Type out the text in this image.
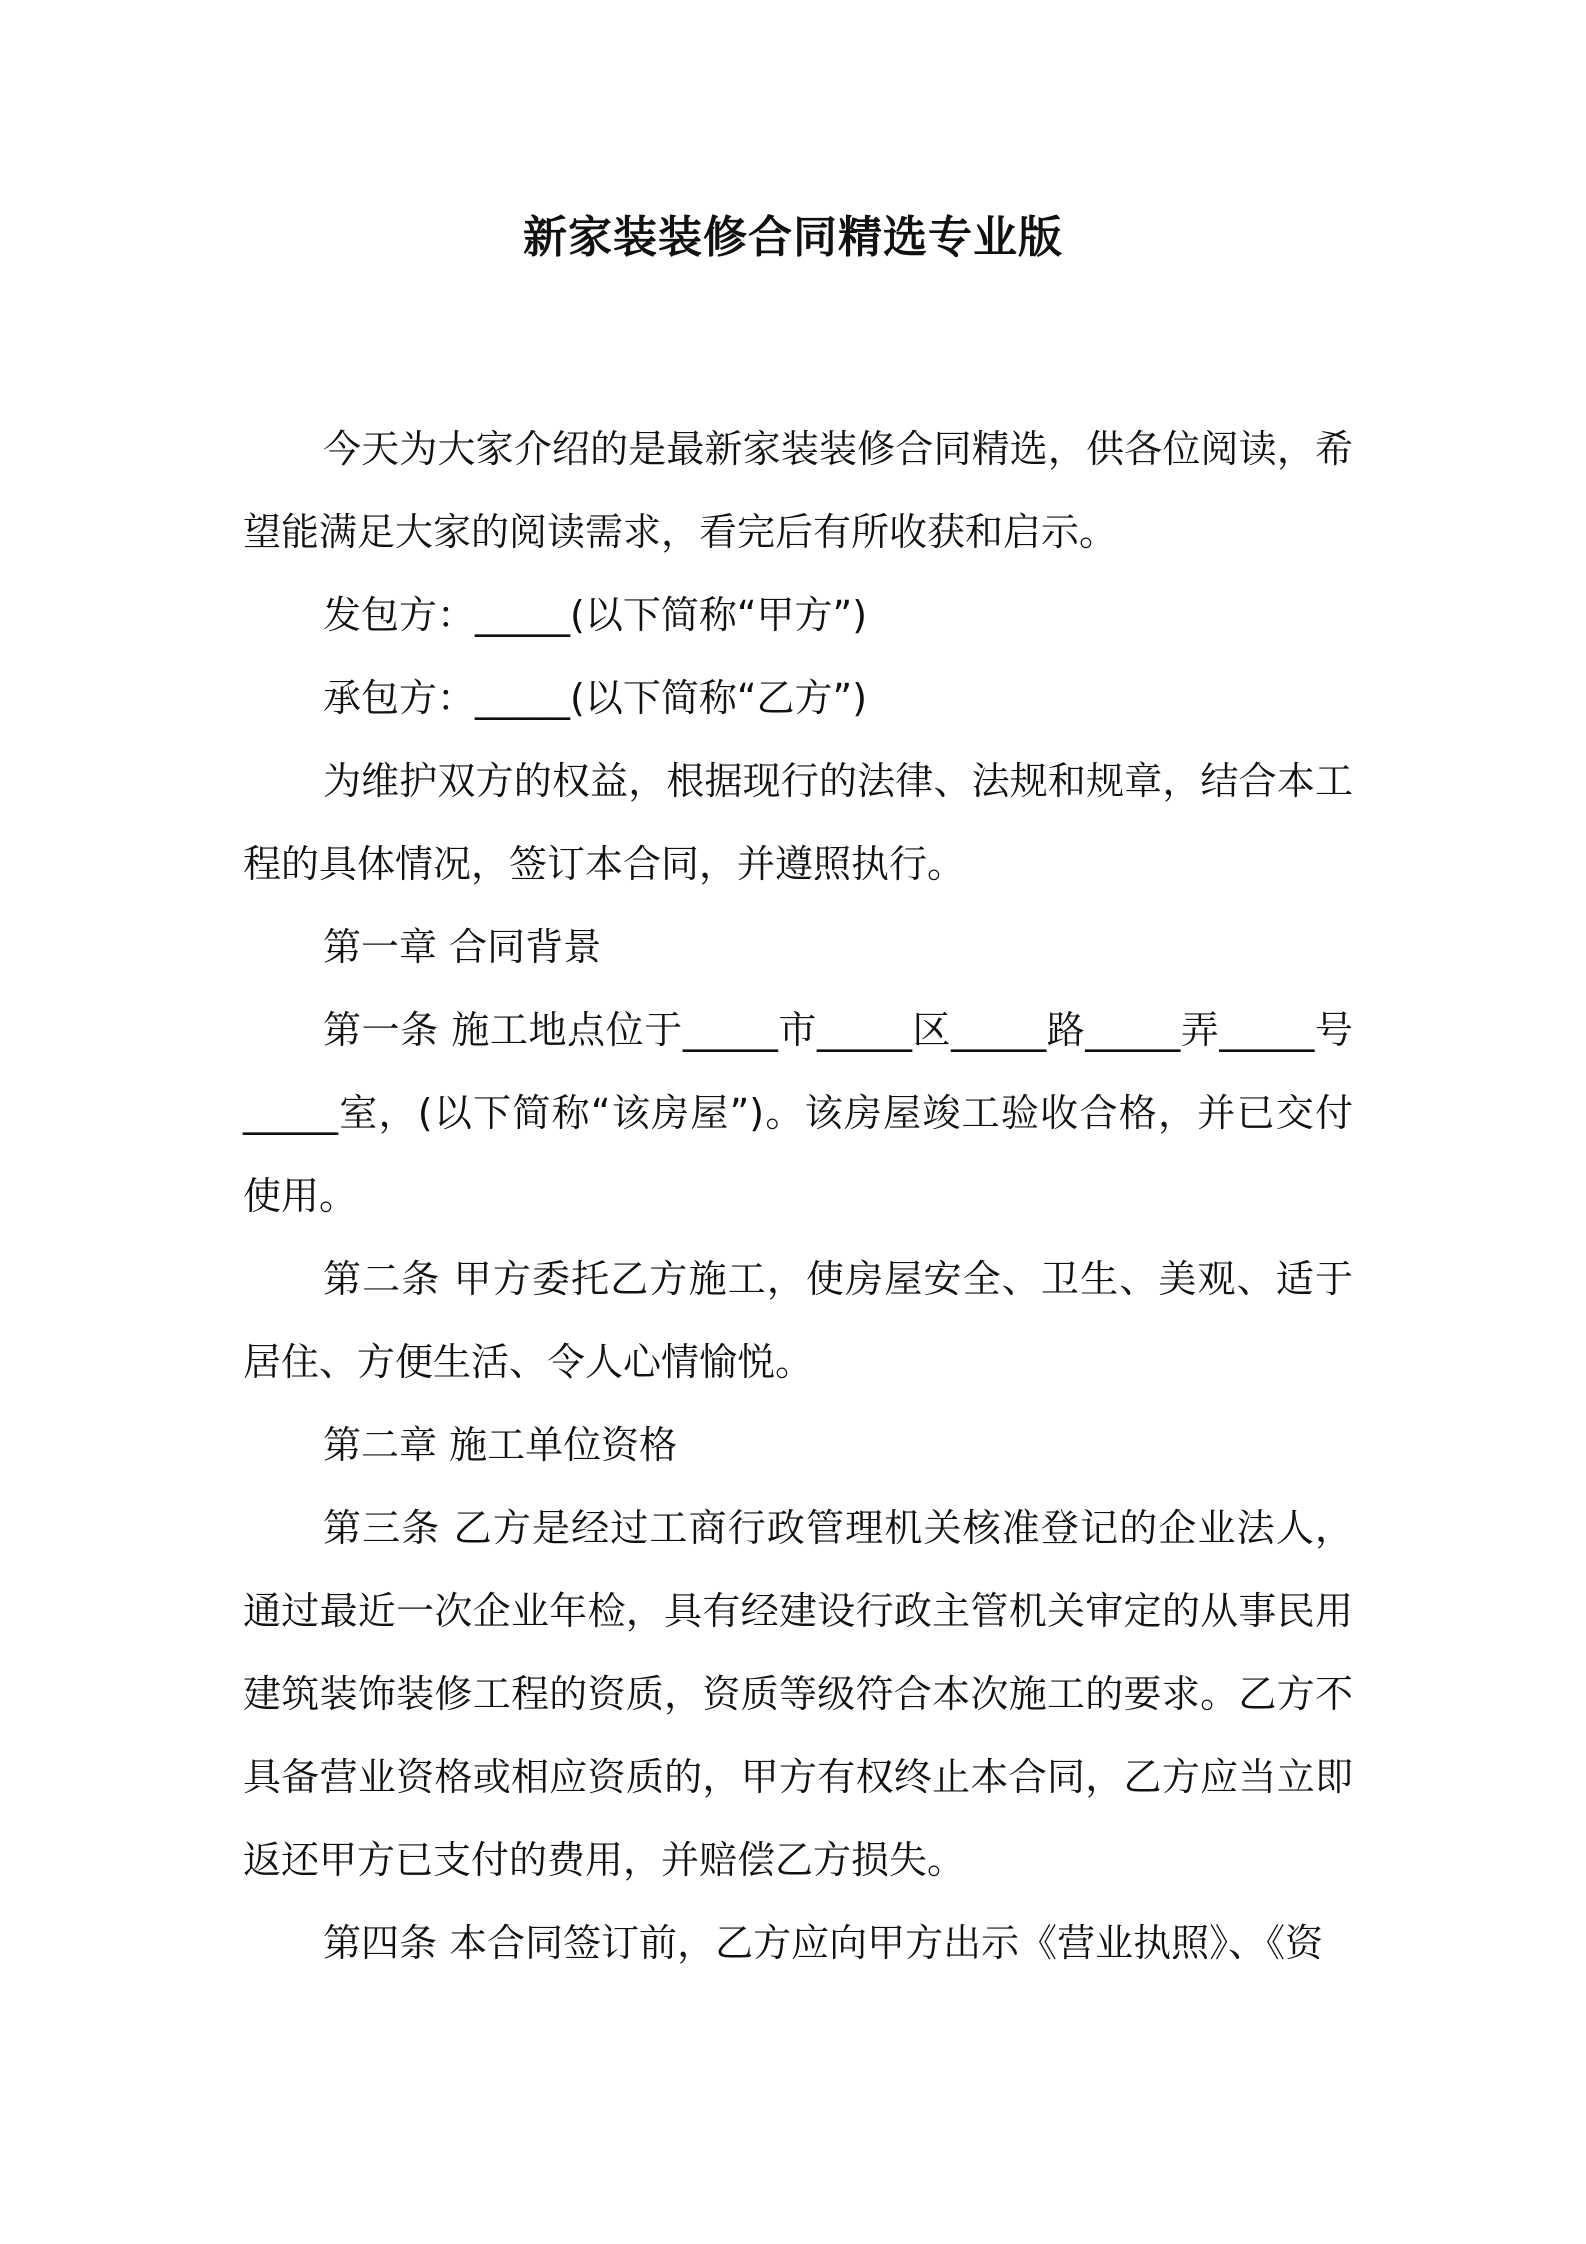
新家装装修合同精选专业版

今天为大家介绍的是最新家装装修合同精选，供各位阅读，希望能满足大家的阅读需求，看完后有所收获和启示。

发包方：_____(以下简称“甲方”)

承包方：_____(以下简称“乙方”)

为维护双方的权益，根据现行的法律、法规和规章，结合本工程的具体情况，签订本合同，并遵照执行。

第一章 合同背景

第一条 施工地点位于_____市_____区_____路_____弄_____号_____室，(以下简称“该房屋”)。该房屋竣工验收合格，并已交付使用。

第二条 甲方委托乙方施工，使房屋安全、卫生、美观、适于居住、方便生活、令人心情愉悦。

第二章 施工单位资格

第三条 乙方是经过工商行政管理机关核准登记的企业法人，通过最近一次企业年检，具有经建设行政主管机关审定的从事民用建筑装饰装修工程的资质，资质等级符合本次施工的要求。乙方不具备营业资格或相应资质的，甲方有权终止本合同，乙方应当立即返还甲方已支付的费用，并赔偿乙方损失。

第四条 本合同签订前，乙方应向甲方出示《营业执照》、《资
